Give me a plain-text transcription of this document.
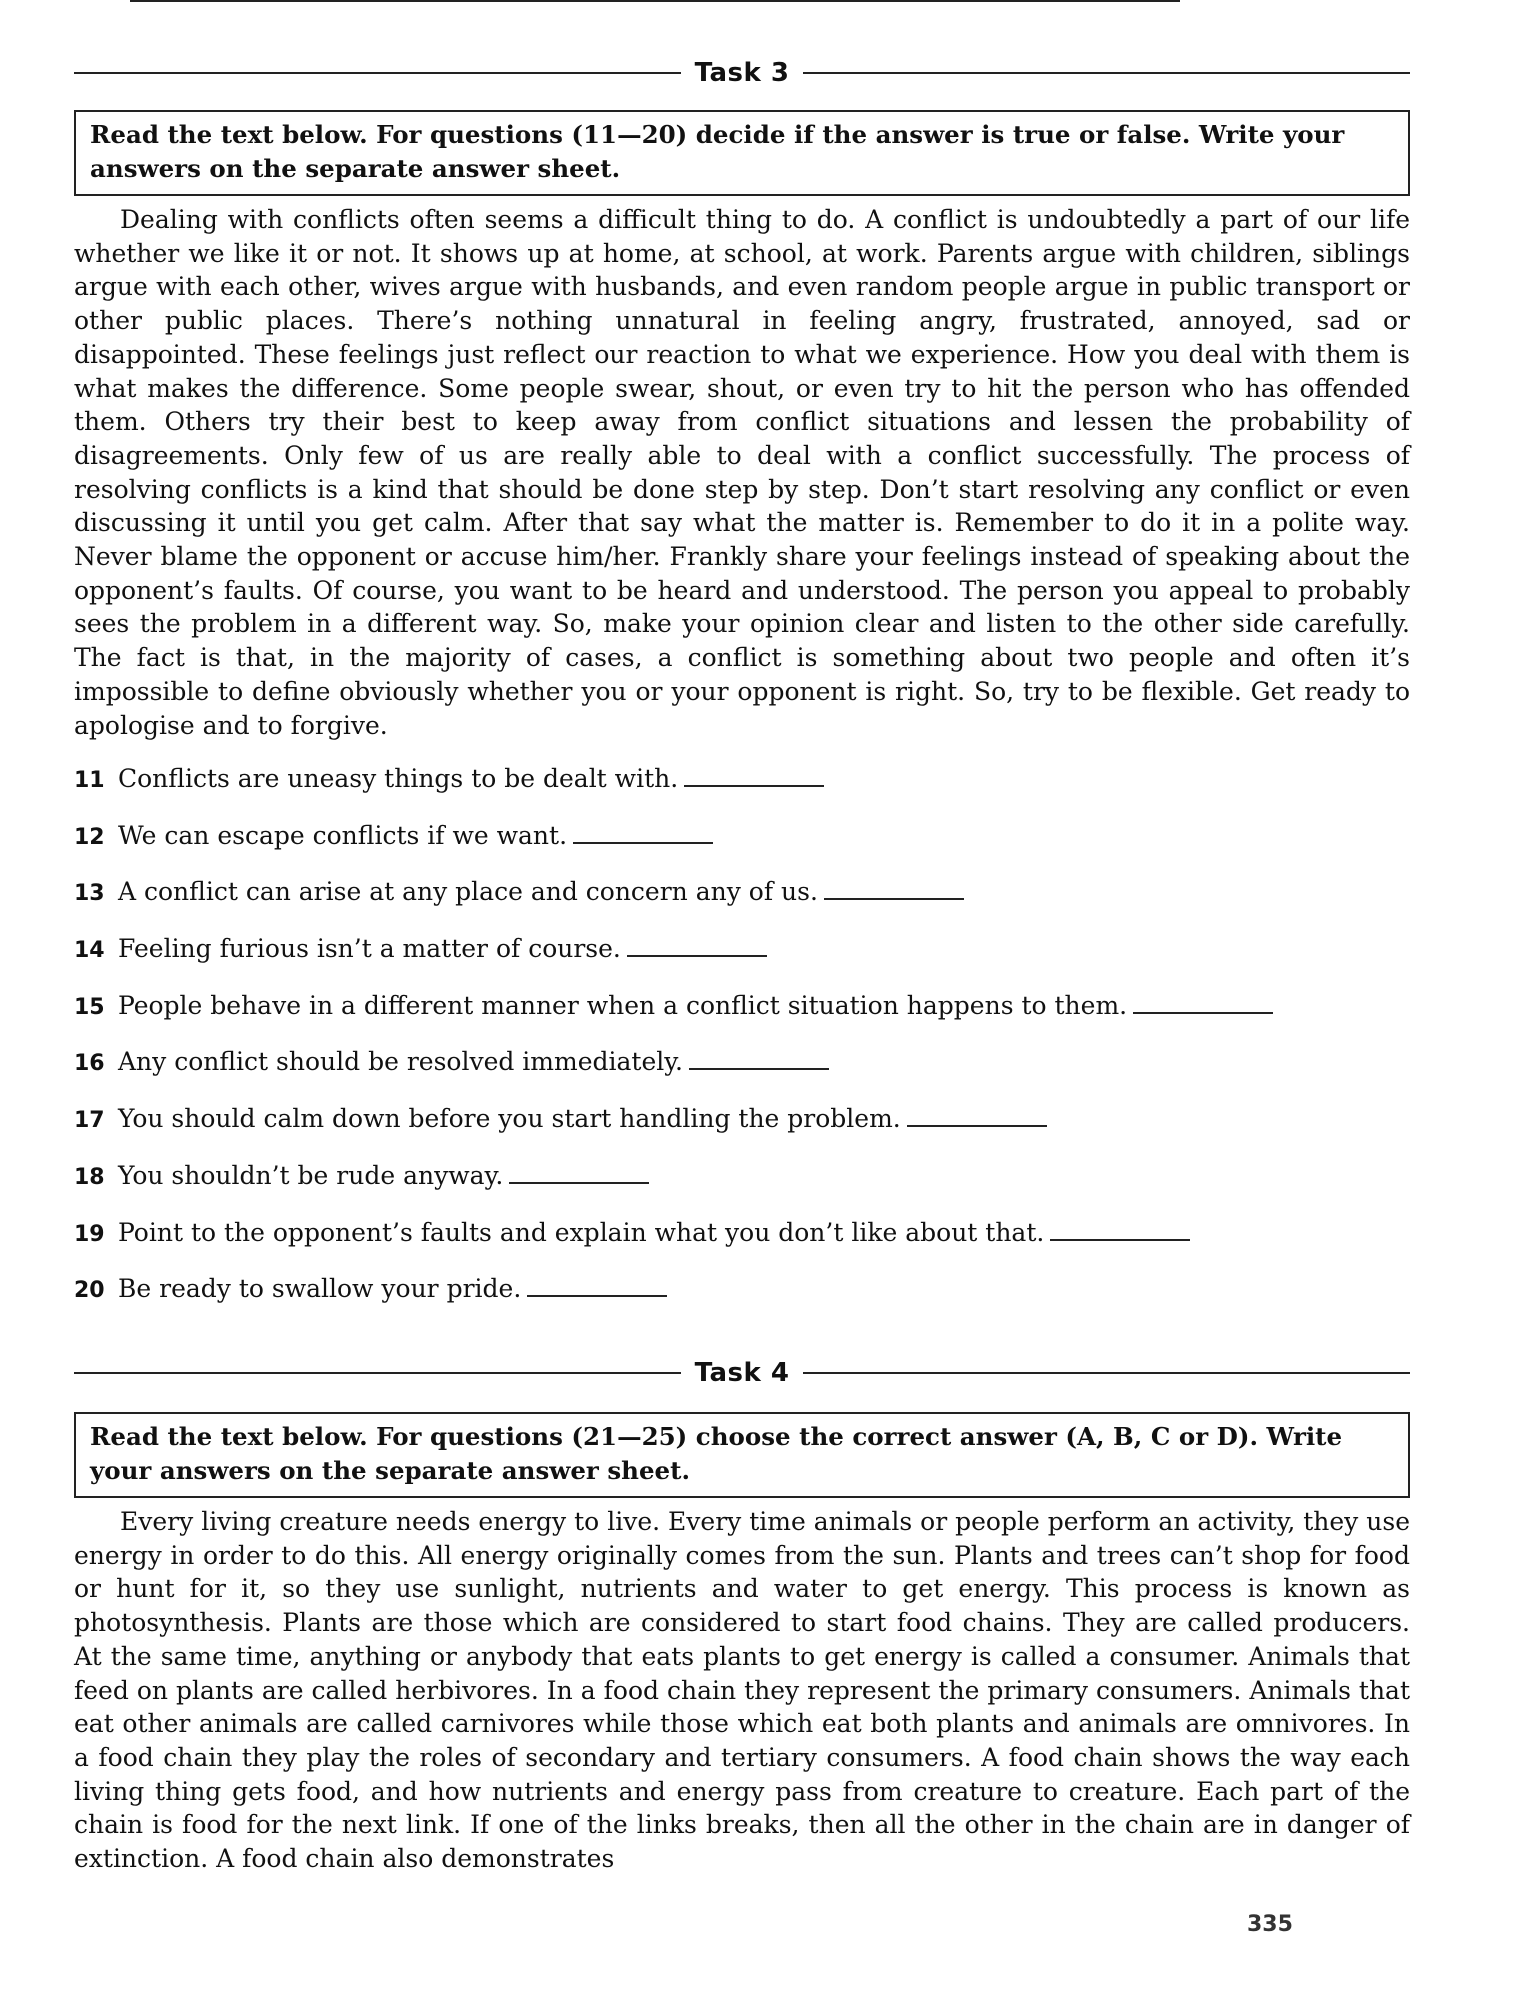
Task 3
Read the text below. For questions (11—20) decide if the answer is true or false. Write your answers on the separate answer sheet.

Dealing with conflicts often seems a difficult thing to do. A conflict is undoubtedly a part of our life whether we like it or not. It shows up at home, at school, at work. Parents argue with children, siblings argue with each other, wives argue with husbands, and even random people argue in public transport or other public places. There’s nothing unnatural in feeling angry, frustrated, annoyed, sad or disappointed. These feelings just reflect our reaction to what we experience. How you deal with them is what makes the difference. Some people swear, shout, or even try to hit the person who has offended them. Others try their best to keep away from conflict situations and lessen the probability of disagreements. Only few of us are really able to deal with a conflict successfully. The process of resolving conflicts is a kind that should be done step by step. Don’t start resolving any conflict or even discussing it until you get calm. After that say what the matter is. Remember to do it in a polite way. Never blame the opponent or accuse him/her. Frankly share your feelings instead of speaking about the opponent’s faults. Of course, you want to be heard and understood. The person you appeal to probably sees the problem in a different way. So, make your opinion clear and listen to the other side carefully. The fact is that, in the majority of cases, a conflict is something about two people and often it’s impossible to define obviously whether you or your opponent is right. So, try to be flexible. Get ready to apologise and to forgive.

11 Conflicts are uneasy things to be dealt with.
12 We can escape conflicts if we want.
13 A conflict can arise at any place and concern any of us.
14 Feeling furious isn’t a matter of course.
15 People behave in a different manner when a conflict situation happens to them.
16 Any conflict should be resolved immediately.
17 You should calm down before you start handling the problem.
18 You shouldn’t be rude anyway.
19 Point to the opponent’s faults and explain what you don’t like about that.
20 Be ready to swallow your pride.
Task 4
Read the text below. For questions (21—25) choose the correct answer (A, B, C or D). Write your answers on the separate answer sheet.

Every living creature needs energy to live. Every time animals or people perform an activity, they use energy in order to do this. All energy originally comes from the sun. Plants and trees can’t shop for food or hunt for it, so they use sunlight, nutrients and water to get energy. This process is known as photosynthesis. Plants are those which are considered to start food chains. They are called producers. At the same time, anything or anybody that eats plants to get energy is called a consumer. Animals that feed on plants are called herbivores. In a food chain they represent the primary consumers. Animals that eat other animals are called carnivores while those which eat both plants and animals are omnivores. In a food chain they play the roles of secondary and tertiary consumers. A food chain shows the way each living thing gets food, and how nutrients and energy pass from creature to creature. Each part of the chain is food for the next link. If one of the links breaks, then all the other in the chain are in danger of extinction. A food chain also demonstrates

335
